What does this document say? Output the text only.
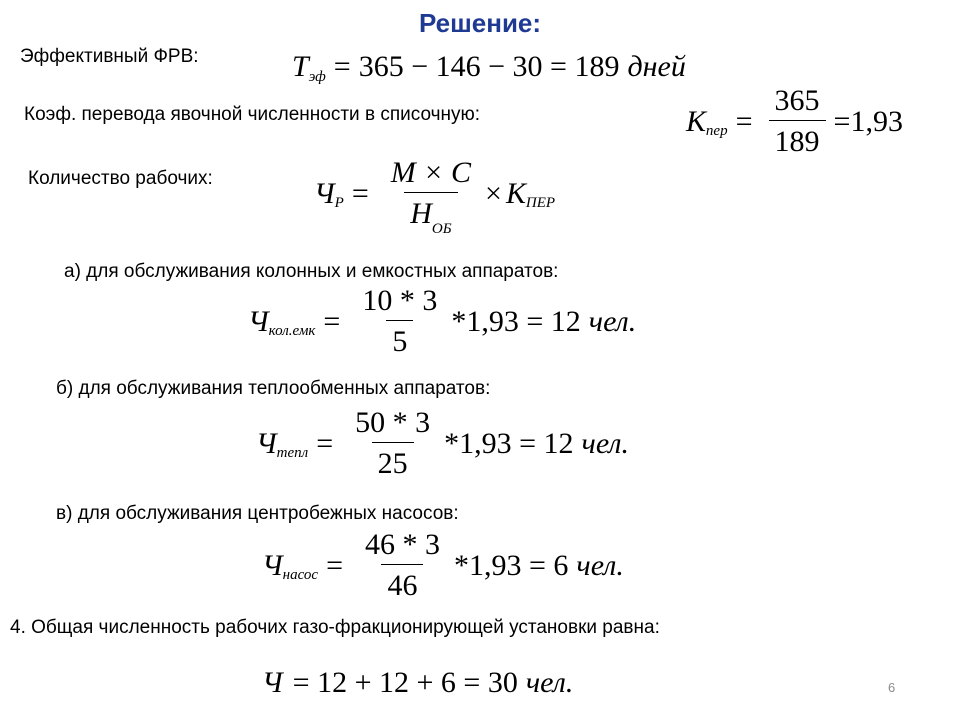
Решение:
Эффективный ФРВ:	T эф = 365 − 146 − 30 = 189 дней
Коэф. перевода явочной численности в списочную:	К пер = $\frac{365}{189} = 1,93$
Количество рабочих:	Ч $Р = \frac{M \times C}{Н_{ОБ}} \times К$ ПЕР
а) для обслуживания колонных и емкостных аппаратов:
Ч $кол.емк = \frac{10 * 3}{5} *1,93 = 12$ чел.
б) для обслуживания теплообменных аппаратов:
Ч тепл = $\frac{50 * 3}{25} *1,93 = 12$ чел.
в) для обслуживания центробежных насосов:
Ч насос = $\frac{46 * 3}{46} *1,93 = 6$ чел.
4. Общая численность рабочих газо-фракционирующей установки равна:
Ч = 12 + 12 + 6 = 30 чел.	6
